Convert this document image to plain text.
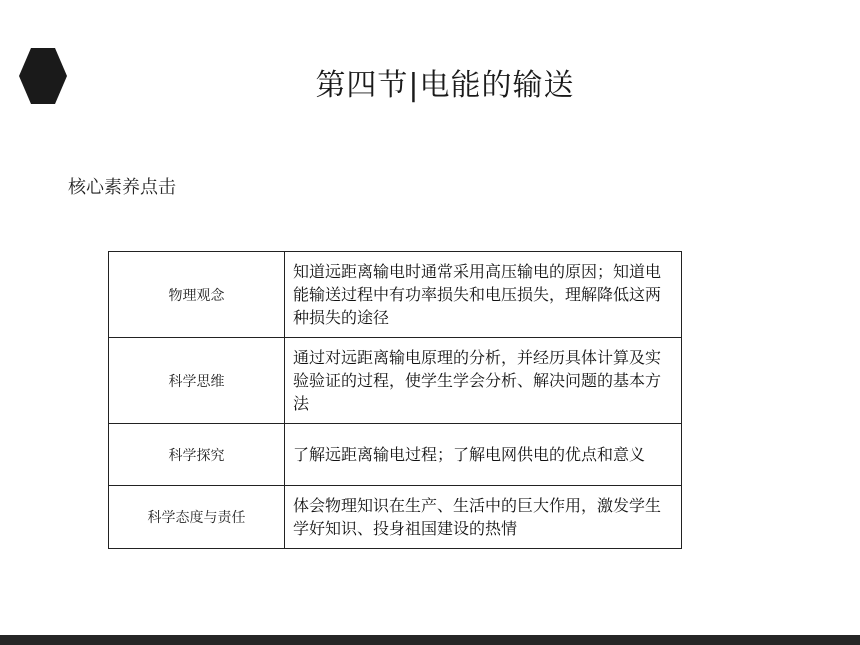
第四节|电能的输送
核心素养点击
物理观念	知道远距离输电时通常采用高压输电的原因；知道电能输送过程中有功率损失和电压损失，理解降低这两种损失的途径
科学思维	通过对远距离输电原理的分析，并经历具体计算及实验验证的过程，使学生学会分析、解决问题的基本方法
科学探究	了解远距离输电过程；了解电网供电的优点和意义
科学态度与责任	体会物理知识在生产、生活中的巨大作用，激发学生学好知识、投身祖国建设的热情
